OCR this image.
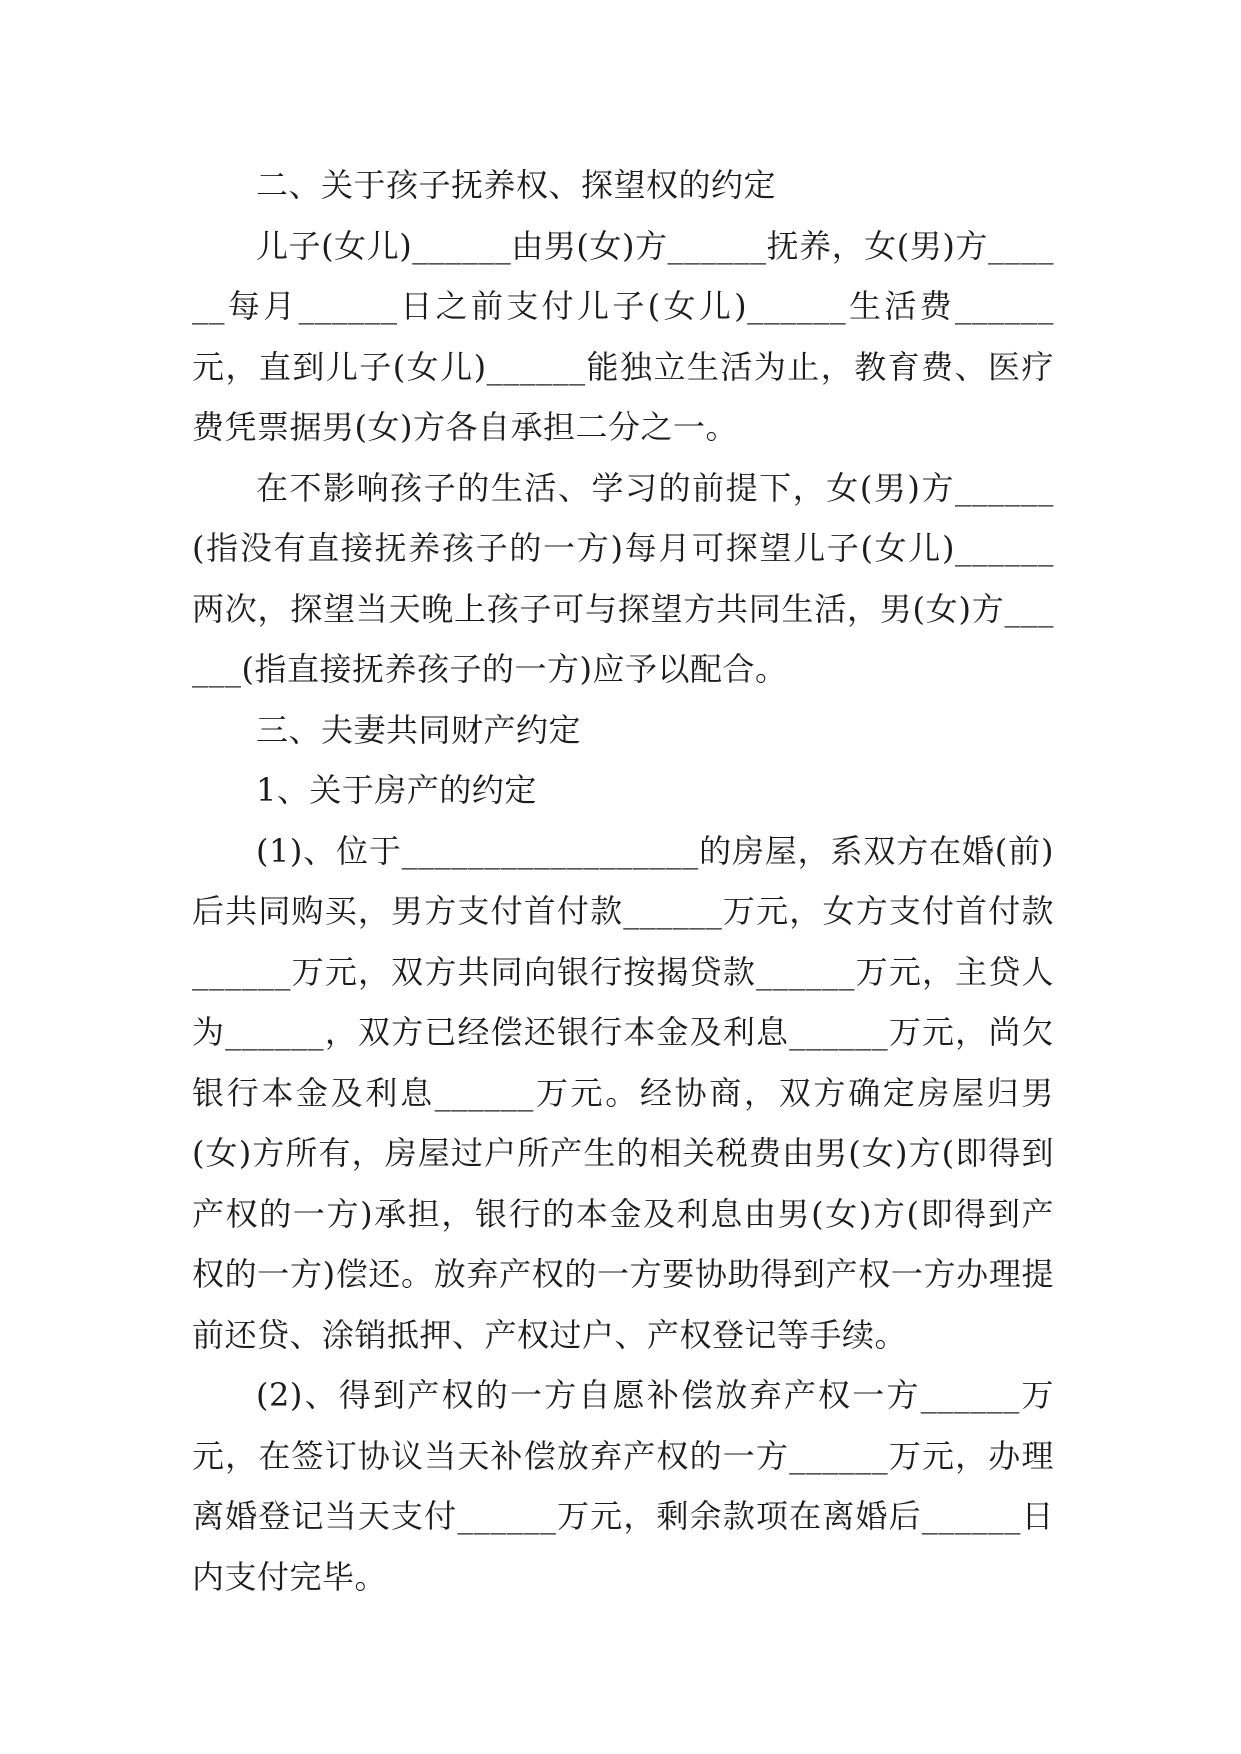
二、关于孩子抚养权、探望权的约定

儿子(女儿)______由男(女)方______抚养，女(男)方______每月______日之前支付儿子(女儿)______生活费______元，直到儿子(女儿)______能独立生活为止，教育费、医疗费凭票据男(女)方各自承担二分之一。

在不影响孩子的生活、学习的前提下，女(男)方______(指没有直接抚养孩子的一方)每月可探望儿子(女儿)______两次，探望当天晚上孩子可与探望方共同生活，男(女)方______(指直接抚养孩子的一方)应予以配合。

三、夫妻共同财产约定

1、关于房产的约定

(1)、位于__________________的房屋，系双方在婚(前)后共同购买，男方支付首付款______万元，女方支付首付款______万元，双方共同向银行按揭贷款______万元，主贷人为______，双方已经偿还银行本金及利息______万元，尚欠银行本金及利息______万元。经协商，双方确定房屋归男(女)方所有，房屋过户所产生的相关税费由男(女)方(即得到产权的一方)承担，银行的本金及利息由男(女)方(即得到产权的一方)偿还。放弃产权的一方要协助得到产权一方办理提前还贷、涂销抵押、产权过户、产权登记等手续。

(2)、得到产权的一方自愿补偿放弃产权一方______万元，在签订协议当天补偿放弃产权的一方______万元，办理离婚登记当天支付______万元，剩余款项在离婚后______日内支付完毕。
